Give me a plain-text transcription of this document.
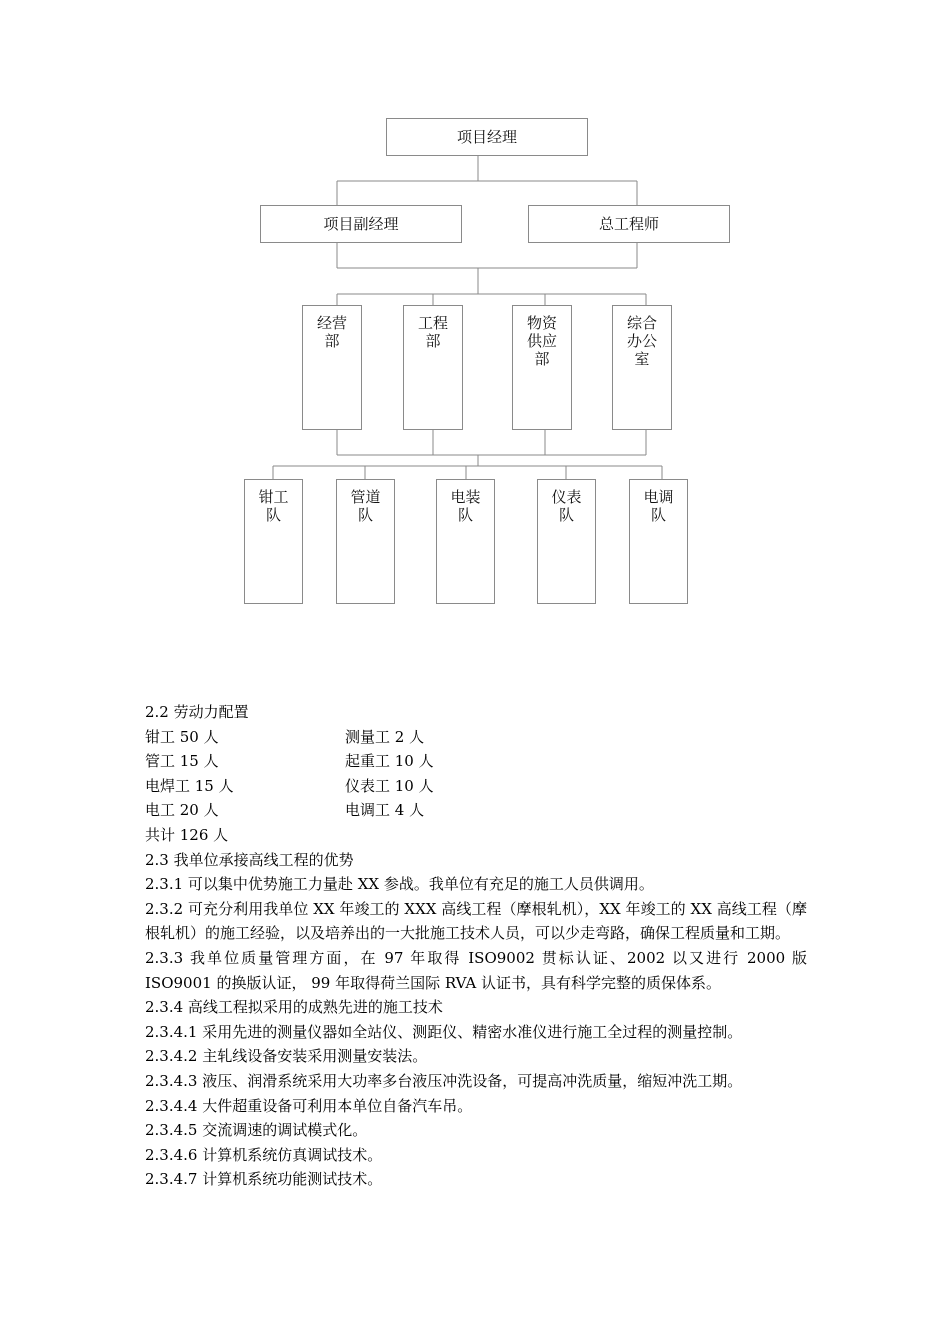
项目经理
项目副经理	总工程师
经营部
工程部
物资供应部
综合办公室
钳工队
管道队
电装队
仪表队
电调队

2.2 劳动力配置

钳工 50 人	测量工 2 人
管工 15 人	起重工 10 人
电焊工 15 人	仪表工 10 人
电工 20 人	电调工 4 人

共计 126 人

2.3 我单位承接高线工程的优势

2.3.1 可以集中优势施工力量赴 XX 参战。我单位有充足的施工人员供调用。

2.3.2 可充分利用我单位 XX 年竣工的 XXX 高线工程（摩根轧机），XX 年竣工的 XX 高线工程（摩根轧机）的施工经验，以及培养出的一大批施工技术人员，可以少走弯路，确保工程质量和工期。

2.3.3 我单位质量管理方面，在 97 年取得 ISO9002 贯标认证、2002 以又进行 2000 版 ISO9001 的换版认证， 99 年取得荷兰国际 RVA 认证书，具有科学完整的质保体系。

2.3.4 高线工程拟采用的成熟先进的施工技术

2.3.4.1 采用先进的测量仪器如全站仪、测距仪、精密水准仪进行施工全过程的测量控制。

2.3.4.2 主轧线设备安装采用测量安装法。

2.3.4.3 液压、润滑系统采用大功率多台液压冲洗设备，可提高冲洗质量，缩短冲洗工期。

2.3.4.4 大件超重设备可利用本单位自备汽车吊。

2.3.4.5 交流调速的调试模式化。

2.3.4.6 计算机系统仿真调试技术。

2.3.4.7 计算机系统功能测试技术。
